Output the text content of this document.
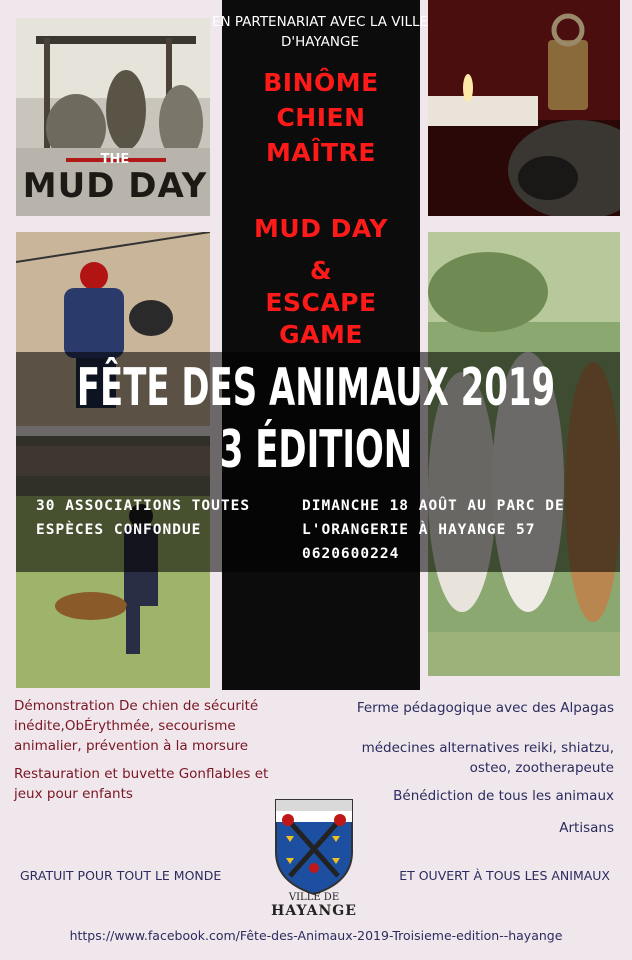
THE
MUD DAY
EN PARTENARIAT AVEC LA VILLE
D'HAYANGE
BINÔME
CHIEN
MAÎTRE
MUD DAY
&
ESCAPE
GAME
FÊTE DES ANIMAUX 2019
3 ÉDITION
30 ASSOCIATIONS TOUTES
ESPÈCES CONFONDUE
DIMANCHE 18 AOÛT AU PARC DE
L'ORANGERIE À HAYANGE 57
0620600224
Démonstration De chien de sécurité
inédite,ObÉrythmée, secourisme
animalier, prévention à la morsure
Restauration et buvette Gonflables et
jeux pour enfants
Ferme pédagogique avec des Alpagas
médecines alternatives reiki, shiatzu,
osteo, zootherapeute
Bénédiction de tous les animaux
Artisans
GRATUIT POUR TOUT LE MONDE	ET OUVERT À TOUS LES ANIMAUX
VILLE DE
HAYANGE
https://www.facebook.com/Fête-des-Animaux-2019-Troisieme-edition--hayange
